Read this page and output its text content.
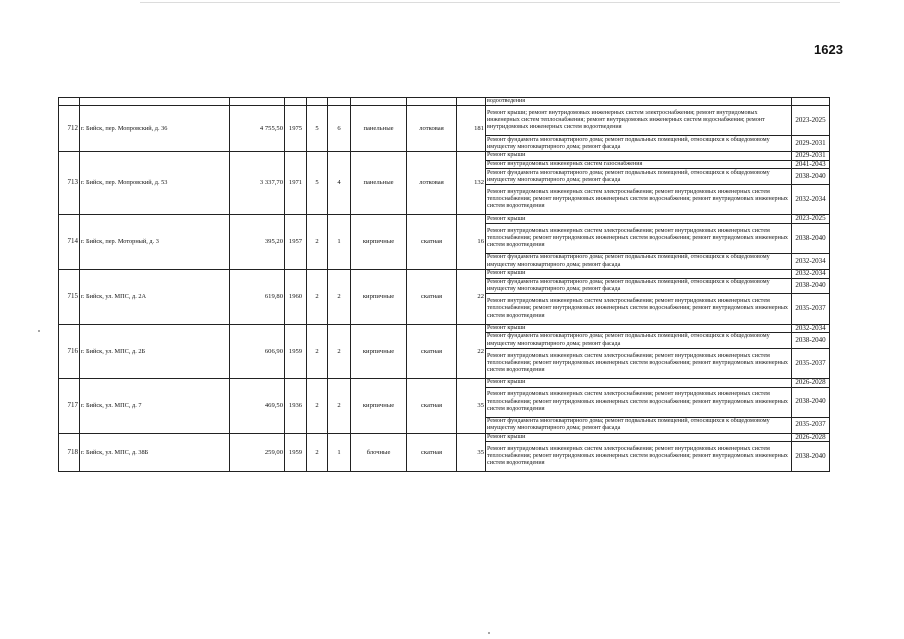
1623
									водоотведения	
712	г. Бийск, пер. Мопровский, д. 36	4 755,50	1975	5	6	панельные	лотковая	181	Ремонт крыши; ремонт внутридомовых инженерных систем электроснабжения; ремонт внутридомовых инженерных систем теплоснабжения; ремонт внутридомовых инженерных систем водоснабжения; ремонт внутридомовых инженерных систем водоотведения	2023-2025
									Ремонт фундамента многоквартирного дома; ремонт подвальных помещений, относящихся к общедомовому имуществу многоквартирного дома; ремонт фасада	2029-2031
713	г. Бийск, пер. Мопровский, д. 53	3 337,70	1971	5	4	панельные	лотковая	132	Ремонт крыши	2029-2031
									Ремонт внутридомовых инженерных систем газоснабжения	2041-2043
									Ремонт фундамента многоквартирного дома; ремонт подвальных помещений, относящихся к общедомовому имуществу многоквартирного дома; ремонт фасада	2038-2040
									Ремонт внутридомовых инженерных систем электроснабжения; ремонт внутридомовых инженерных систем теплоснабжения; ремонт внутридомовых инженерных систем водоснабжения; ремонт внутридомовых инженерных систем водоотведения	2032-2034
714	г. Бийск, пер. Моторный, д. 3	395,20	1957	2	1	кирпичные	скатная	16	Ремонт крыши	2023-2025
									Ремонт внутридомовых инженерных систем электроснабжения; ремонт внутридомовых инженерных систем теплоснабжения; ремонт внутридомовых инженерных систем водоснабжения; ремонт внутридомовых инженерных систем водоотведения	2038-2040
									Ремонт фундамента многоквартирного дома; ремонт подвальных помещений, относящихся к общедомовому имуществу многоквартирного дома; ремонт фасада	2032-2034
715	г. Бийск, ул. МПС, д. 2А	619,80	1960	2	2	кирпичные	скатная	22	Ремонт крыши	2032-2034
									Ремонт фундамента многоквартирного дома; ремонт подвальных помещений, относящихся к общедомовому имуществу многоквартирного дома; ремонт фасада	2038-2040
									Ремонт внутридомовых инженерных систем электроснабжения; ремонт внутридомовых инженерных систем теплоснабжения; ремонт внутридомовых инженерных систем водоснабжения; ремонт внутридомовых инженерных систем водоотведения	2035-2037
716	г. Бийск, ул. МПС, д. 2Б	606,90	1959	2	2	кирпичные	скатная	22	Ремонт крыши	2032-2034
									Ремонт фундамента многоквартирного дома; ремонт подвальных помещений, относящихся к общедомовому имуществу многоквартирного дома; ремонт фасада	2038-2040
									Ремонт внутридомовых инженерных систем электроснабжения; ремонт внутридомовых инженерных систем теплоснабжения; ремонт внутридомовых инженерных систем водоснабжения; ремонт внутридомовых инженерных систем водоотведения	2035-2037
717	г. Бийск, ул. МПС, д. 7	469,50	1936	2	2	кирпичные	скатная	35	Ремонт крыши	2026-2028
									Ремонт внутридомовых инженерных систем электроснабжения; ремонт внутридомовых инженерных систем теплоснабжения; ремонт внутридомовых инженерных систем водоснабжения; ремонт внутридомовых инженерных систем водоотведения	2038-2040
									Ремонт фундамента многоквартирного дома; ремонт подвальных помещений, относящихся к общедомовому имуществу многоквартирного дома; ремонт фасада	2035-2037
718	г. Бийск, ул. МПС, д. 38Б	259,00	1959	2	1	блочные	скатная	35	Ремонт крыши	2026-2028
									Ремонт внутридомовых инженерных систем электроснабжения; ремонт внутридомовых инженерных систем теплоснабжения; ремонт внутридомовых инженерных систем водоснабжения; ремонт внутридомовых инженерных систем водоотведения	2038-2040
